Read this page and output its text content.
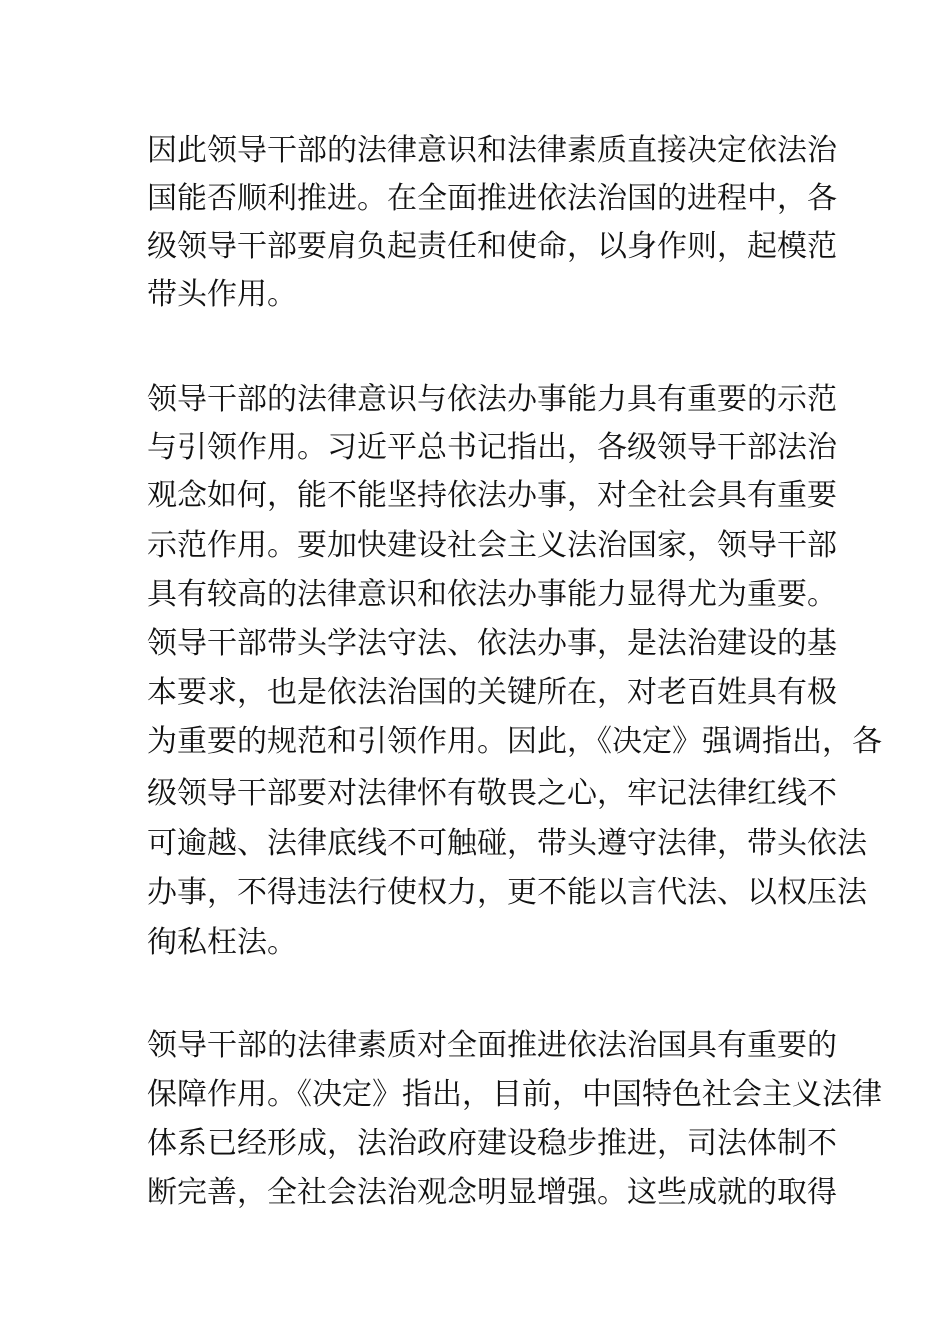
因此领导干部的法律意识和法律素质直接决定依法治
国能否顺利推进。在全面推进依法治国的进程中，各
级领导干部要肩负起责任和使命，以身作则，起模范
带头作用。
领导干部的法律意识与依法办事能力具有重要的示范
与引领作用。习近平总书记指出，各级领导干部法治
观念如何，能不能坚持依法办事，对全社会具有重要
示范作用。要加快建设社会主义法治国家，领导干部
具有较高的法律意识和依法办事能力显得尤为重要。
领导干部带头学法守法、依法办事，是法治建设的基
本要求，也是依法治国的关键所在，对老百姓具有极
为重要的规范和引领作用。因此，《决定》强调指出，各
级领导干部要对法律怀有敬畏之心，牢记法律红线不
可逾越、法律底线不可触碰，带头遵守法律，带头依法
办事，不得违法行使权力，更不能以言代法、以权压法
徇私枉法。
领导干部的法律素质对全面推进依法治国具有重要的
保障作用。《决定》指出，目前，中国特色社会主义法律
体系已经形成，法治政府建设稳步推进，司法体制不
断完善，全社会法治观念明显增强。这些成就的取得
